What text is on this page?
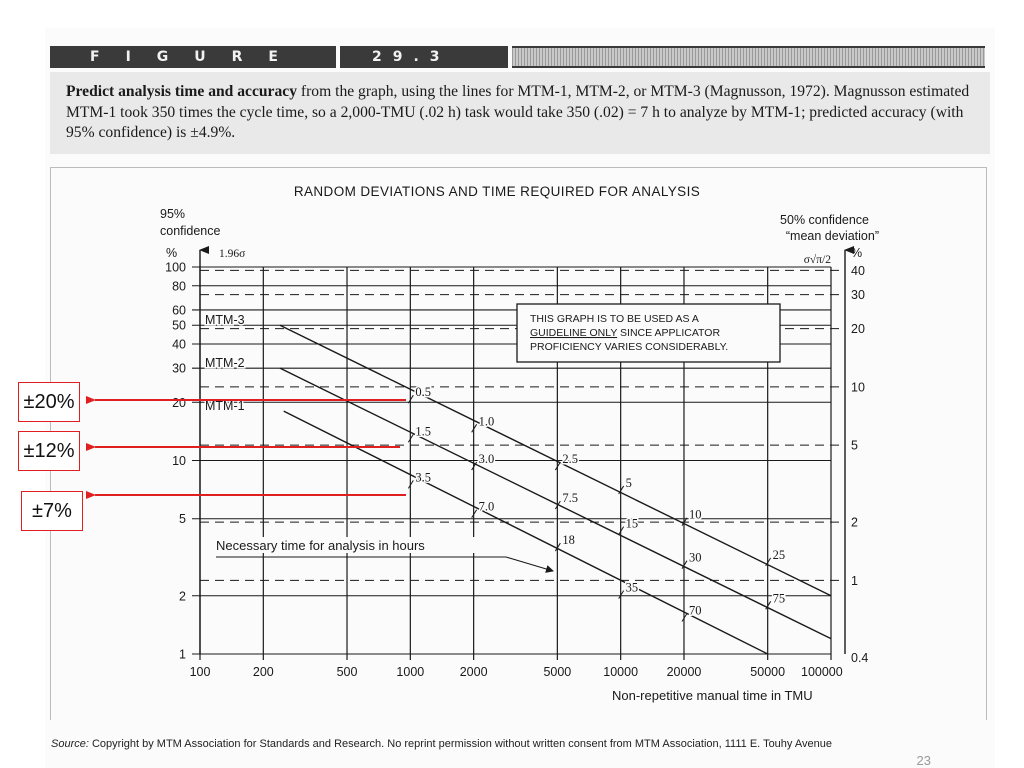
FIGURE	29.3
Predict analysis time and accuracy from the graph, using the lines for MTM-1, MTM-2, or MTM-3 (Magnusson, 1972). Magnusson estimated MTM-1 took 350 times the cycle time, so a 2,000-TMU (.02 h) task would take 350 (.02) = 7 h to analyze by MTM-1; predicted accuracy (with 95% confidence) is ±4.9%.
Source: Copyright by MTM Association for Standards and Research. No reprint permission without written consent from MTM Association, 1111 E. Touhy Avenue
23
RANDOM DEVIATIONS AND TIME REQUIRED FOR ANALYSIS
1
2
5
10
20
30
40
50
60
80
100
0.4
1
2
5
10
20
30
40
100	200	500	1000	2000	5000	10000 20000	50000 100000
Non-repetitive manual time in TMU
95%
confidence
%	1.96σ
50% confidence
“mean deviation”
%
σ√π/2
MTM-3
MTM-2
MTM-1
0.5
1.5
3.5
1.0
3.0
7.0
2.5
7.5
18
5
15
35
10
30
70
25
75
THIS GRAPH IS TO BE USED AS A
GUIDELINE ONLY SINCE APPLICATOR
PROFICIENCY VARIES CONSIDERABLY.
Necessary time for analysis in hours
±20%
±12%
±7%
